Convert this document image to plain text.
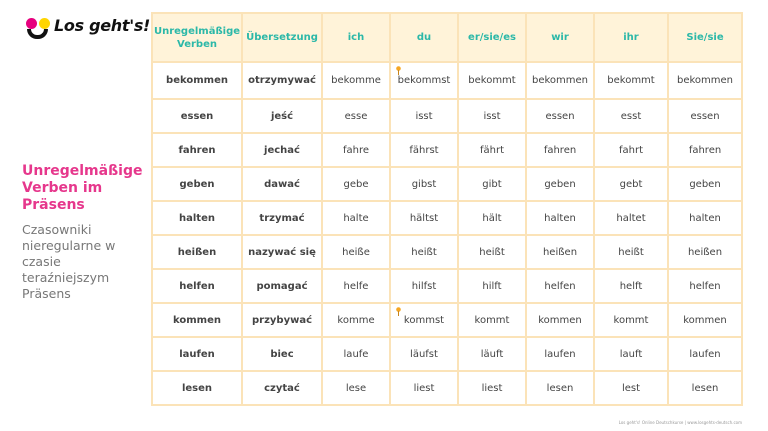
Los geht's!
Unregelmäßige Verben im Präsens
Czasowniki nieregularne w czasie teraźniejszym Präsens
Unregelmäßige Verben	Übersetzung	ich	du	er/sie/es	wir	ihr	Sie/sie
bekommen	otrzymywać	bekomme	bekommst	bekommt	bekommen	bekommt	bekommen
essen	jeść	esse	isst	isst	essen	esst	essen
fahren	jechać	fahre	fährst	fährt	fahren	fahrt	fahren
geben	dawać	gebe	gibst	gibt	geben	gebt	geben
halten	trzymać	halte	hältst	hält	halten	haltet	halten
heißen	nazywać się	heiße	heißt	heißt	heißen	heißt	heißen
helfen	pomagać	helfe	hilfst	hilft	helfen	helft	helfen
kommen	przybywać	komme	kommst	kommt	kommen	kommt	kommen
laufen	biec	laufe	läufst	läuft	laufen	lauft	laufen
lesen	czytać	lese	liest	liest	lesen	lest	lesen
Los geht's! Online Deutschkurse | www.losgehts-deutsch.com
